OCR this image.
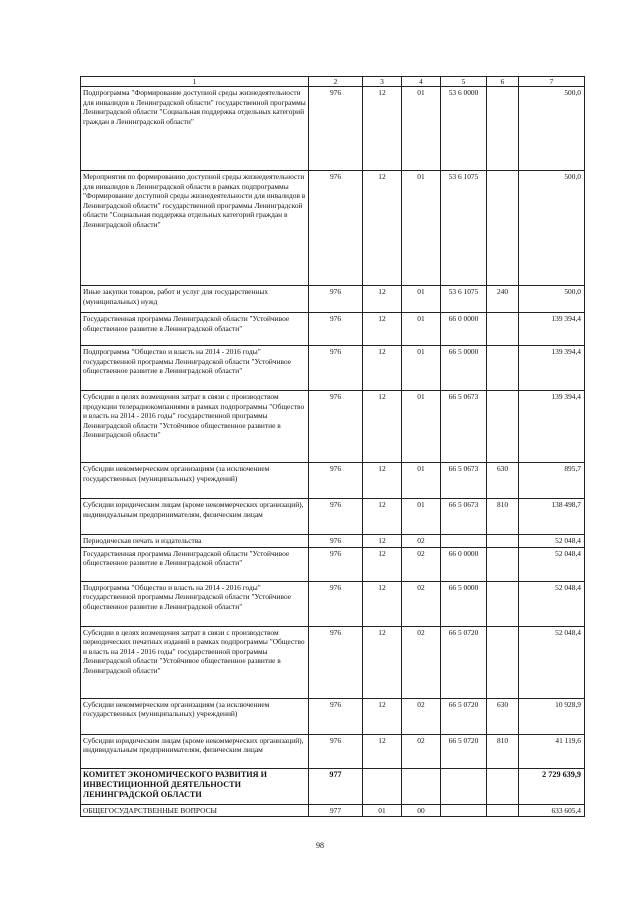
1	2	3	4	5	6	7
Подпрограмма "Формирование доступной среды жизнедеятельности для инвалидов в Ленинградской области" государственной программы Ленинградской области "Социальная поддержка отдельных категорий граждан в Ленинградской области"	976	12	01	53 6 0000		500,0
Мероприятия по формированию доступной среды жизнедеятельности для инвалидов в Ленинградской области в рамках подпрограммы "Формирование доступной среды жизнедеятельности для инвалидов в Ленинградской области" государственной программы Ленинградской области "Социальная поддержка отдельных категорий граждан в Ленинградской области"	976	12	01	53 6 1075		500,0
Иные закупки товаров, работ и услуг для государственных (муниципальных) нужд	976	12	01	53 6 1075	240	500,0
Государственная программа Ленинградской области "Устойчивое общественное развитие в Ленинградской области"	976	12	01	66 0 0000		139 394,4
Подпрограмма "Общество и власть на 2014 - 2016 годы" государственной программы Ленинградской области "Устойчивое общественное развитие в Ленинградской области"	976	12	01	66 5 0000		139 394,4
Субсидии в целях возмещения затрат в связи с производством продукции телерадиокомпаниями в рамках подпрограммы "Общество и власть на 2014 - 2016 годы" государственной программы Ленинградской области "Устойчивое общественное развитие в Ленинградской области"	976	12	01	66 5 0673		139 394,4
Субсидии некоммерческим организациям (за исключением государственных (муниципальных) учреждений)	976	12	01	66 5 0673	630	895,7
Субсидии юридическим лицам (кроме некоммерческих организаций), индивидуальным предпринимателям, физическим лицам	976	12	01	66 5 0673	810	138 498,7
Периодическая печать и издательства	976	12	02			52 048,4
Государственная программа Ленинградской области "Устойчивое общественное развитие в Ленинградской области"	976	12	02	66 0 0000		52 048,4
Подпрограмма "Общество и власть на 2014 - 2016 годы" государственной программы Ленинградской области "Устойчивое общественное развитие в Ленинградской области"	976	12	02	66 5 0000		52 048,4
Субсидии в целях возмещения затрат в связи с производством периодических печатных изданий в рамках подпрограммы "Общество и власть на 2014 - 2016 годы" государственной программы Ленинградской области "Устойчивое общественное развитие в Ленинградской области"	976	12	02	66 5 0720		52 048,4
Субсидии некоммерческим организациям (за исключением государственных (муниципальных) учреждений)	976	12	02	66 5 0720	630	10 928,9
Субсидии юридическим лицам (кроме некоммерческих организаций), индивидуальным предпринимателям, физическим лицам	976	12	02	66 5 0720	810	41 119,6
КОМИТЕТ ЭКОНОМИЧЕСКОГО РАЗВИТИЯ И ИНВЕСТИЦИОННОЙ ДЕЯТЕЛЬНОСТИ ЛЕНИНГРАДСКОЙ ОБЛАСТИ	977					2 729 639,9
ОБЩЕГОСУДАРСТВЕННЫЕ ВОПРОСЫ	977	01	00			633 605,4
98
